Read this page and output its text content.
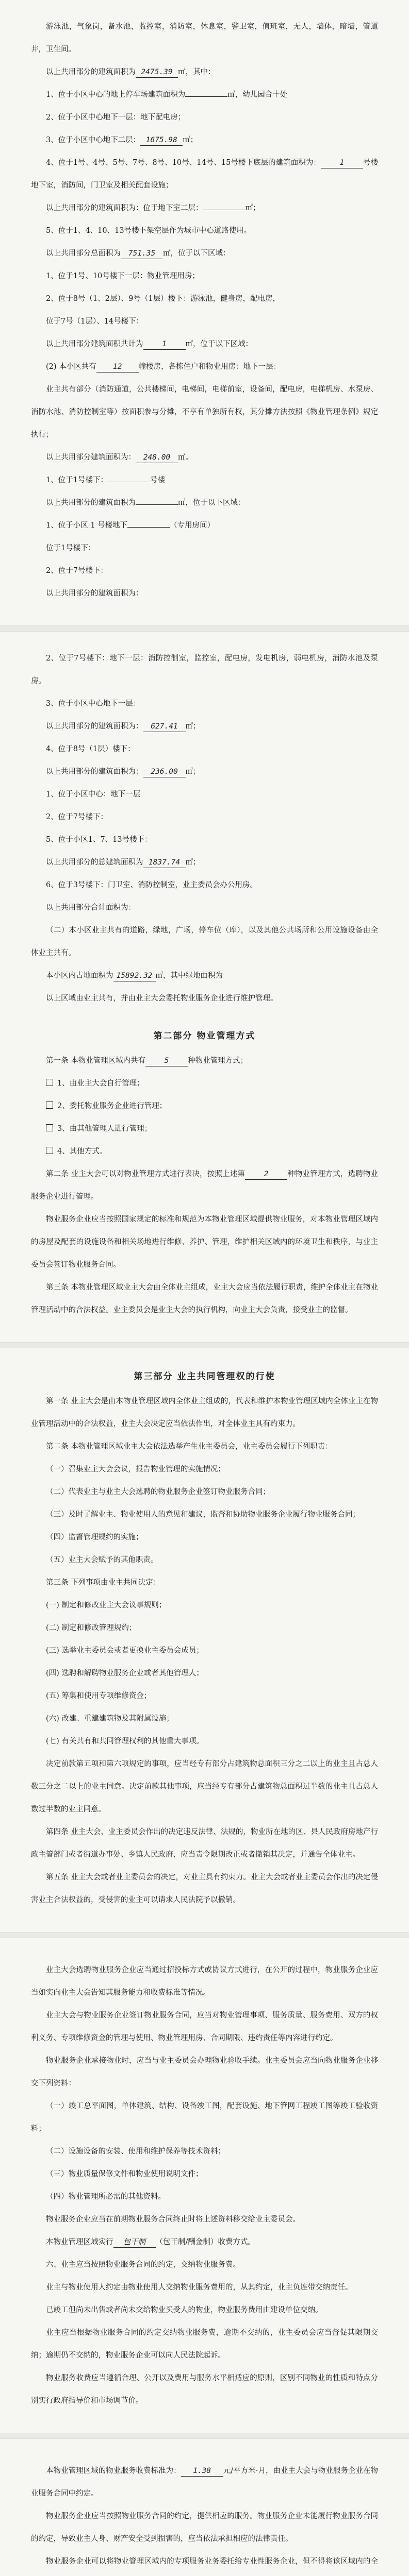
游泳池，气象岗，备水池，监控室，消防室，休息室，警卫室，值班室，无人，墙体，暗墙，管道井，卫生间。
以上共用部分的建筑面积为 2475.39 ㎡，其中：
1、位于小区中心的地上停车场建筑面积为	㎡，幼儿园合十处
2、位于小区中心地下一层：地下配电房；
3、位于小区中心地下二层： 1675.98 ㎡；
4、位于1号、4号、5号、7号、8号、10号、14号、15号楼下底层的建筑面积为：	1	号楼地下室，消防间，门卫室及相关配套设施；
以上共用部分的建筑面积为：位于地下室二层：	㎡；
5、位于1、4、10、13号楼下架空层作为城市中心道路使用。
以上共用部分总面积为 751.35 ㎡，位于以下区域：
1、位于1号、10号楼下一层：物业管理用房；
2、位于8号（1、2层）、9号（1层）楼下：游泳池，健身房，配电房，
位于7号（1层）、14号楼下：
以上共用部分建筑面积共计为	1	㎡，位于以下区域：
(2) 本小区共有 12 幢楼房，各栋住户和物业用房：地下一层：
业主共有部分（消防通道，公共楼梯间，电梯间，电梯前室，设备间，配电房，电梯机房、水泵房、消防水池、消防控制室等）按面积参与分摊，不享有单独所有权，其分摊方法按照《物业管理条例》规定执行；
以上共用部分建筑面积为： 248.00 ㎡。
1、位于1号楼下：	号楼
以上共用部分的建筑面积为	㎡，位于以下区域：
1、位于小区 1 号楼地下	（专用房间）
位于1号楼下：
2、位于7号楼下：
以上共用部分的建筑面积为：
2、位于7号楼下：地下一层：消防控制室，监控室，配电房，发电机房，弱电机房，消防水池及泵房。
3、位于小区中心地下一层：
以上共用部分的建筑面积为： 627.41 ㎡；
4、位于8号（1层）楼下：
以上共用部分的建筑面积为： 236.00 ㎡；
1、位于小区中心：地下一层
2、位于7号楼下：
5、位于小区1、7、13号楼下：
以上共用部分的总建筑面积为 1837.74 ㎡；
6、位于3号楼下：门卫室、消防控制室，业主委员会办公用房。
以上共用部分合计面积为：
（二）本小区业主共有的道路，绿地，广场，停车位（库），以及其他公共场所和公用设施设备由全体业主共有。
本小区内占地面积为 15892.32 ㎡，其中绿地面积为
以上区域由业主共有，并由业主大会委托物业服务企业进行维护管理。
第二部分 物业管理方式
第一条 本物业管理区域内共有	5	种物业管理方式；
1、由业主大会自行管理；
2、委托物业服务企业进行管理；
3、由其他管理人进行管理；
4、其他方式。
第二条 业主大会可以对物业管理方式进行表决，按照上述第	2	种物业管理方式，选聘物业服务企业进行管理。
物业服务企业应当按照国家规定的标准和规范为本物业管理区域提供物业服务，对本物业管理区域内的房屋及配套的设施设备和相关场地进行维修、养护、管理，维护相关区域内的环境卫生和秩序，与业主委员会签订物业服务合同。
第三条 本物业管理区域业主大会由全体业主组成，业主大会应当依法履行职责，维护全体业主在物业管理活动中的合法权益。业主委员会是业主大会的执行机构，向业主大会负责，接受业主的监督。
第三部分 业主共同管理权的行使
第一条 业主大会是由本物业管理区域内全体业主组成的，代表和维护本物业管理区域内全体业主在物业管理活动中的合法权益，业主大会决定应当依法作出，对全体业主具有约束力。
第二条 本物业管理区域业主大会依法选举产生业主委员会，业主委员会履行下列职责：
（一）召集业主大会会议，报告物业管理的实施情况；
（二）代表业主与业主大会选聘的物业服务企业签订物业服务合同；
（三）及时了解业主、物业使用人的意见和建议，监督和协助物业服务企业履行物业服务合同；
（四）监督管理规约的实施；
（五）业主大会赋予的其他职责。
第三条 下列事项由业主共同决定：
(一) 制定和修改业主大会议事规则；
(二) 制定和修改管理规约；
(三) 选举业主委员会或者更换业主委员会成员；
(四) 选聘和解聘物业服务企业或者其他管理人；
(五) 筹集和使用专项维修资金；
(六) 改建、重建建筑物及其附属设施；
(七) 有关共有和共同管理权利的其他重大事项。
决定前款第五项和第六项规定的事项，应当经专有部分占建筑物总面积三分之二以上的业主且占总人数三分之二以上的业主同意。决定前款其他事项，应当经专有部分占建筑物总面积过半数的业主且占总人数过半数的业主同意。
第四条 业主大会、业主委员会作出的决定违反法律、法规的，物业所在地的区、县人民政府房地产行政主管部门或者街道办事处、乡镇人民政府，应当责令限期改正或者撤销其决定，并通告全体业主。
第五条 业主大会或者业主委员会的决定，对业主具有约束力。业主大会或者业主委员会作出的决定侵害业主合法权益的，受侵害的业主可以请求人民法院予以撤销。
业主大会选聘物业服务企业应当通过招投标方式或协议方式进行，在公开的过程中，物业服务企业应当如实向业主大会告知其服务能力和收费标准等情况。
业主大会与物业服务企业签订物业服务合同，应当对物业管理事项、服务质量、服务费用、双方的权利义务、专项维修资金的管理与使用、物业管理用房、合同期限、违约责任等内容进行约定。
物业服务企业承接物业时，应当与业主委员会办理物业验收手续。业主委员会应当向物业服务企业移交下列资料：
（一）竣工总平面图，单体建筑、结构、设备竣工图，配套设施、地下管网工程竣工图等竣工验收资料；
（二）设施设备的安装、使用和维护保养等技术资料；
（三）物业质量保修文件和物业使用说明文件；
（四）物业管理所必需的其他资料。
物业服务企业应当在前期物业服务合同终止时将上述资料移交给业主委员会。
本物业管理区域实行 包干制 （包干制/酬金制）收费方式。
六、业主应当按照物业服务合同的约定，交纳物业服务费。
业主与物业使用人约定由物业使用人交纳物业服务费用的，从其约定，业主负连带交纳责任。
已竣工但尚未出售或者尚未交给物业买受人的物业，物业服务费用由建设单位交纳。
业主应当根据物业服务合同的约定交纳物业服务费，逾期不交纳的，业主委员会应当督促其限期交纳；逾期仍不交纳的，物业服务企业可以向人民法院起诉。
物业服务收费应当遵循合理、公开以及费用与服务水平相适应的原则，区别不同物业的性质和特点分别实行政府指导价和市场调节价。
本物业管理区域的物业服务收费标准为： 1.38 元/平方米·月，由业主大会与物业服务企业在物业服务合同中约定。
物业服务企业应当按照物业服务合同的约定，提供相应的服务。物业服务企业未能履行物业服务合同的约定，导致业主人身、财产安全受到损害的，应当依法承担相应的法律责任。
物业服务企业可以将物业管理区域内的专项服务业务委托给专业性服务企业，但不得将该区域内的全
